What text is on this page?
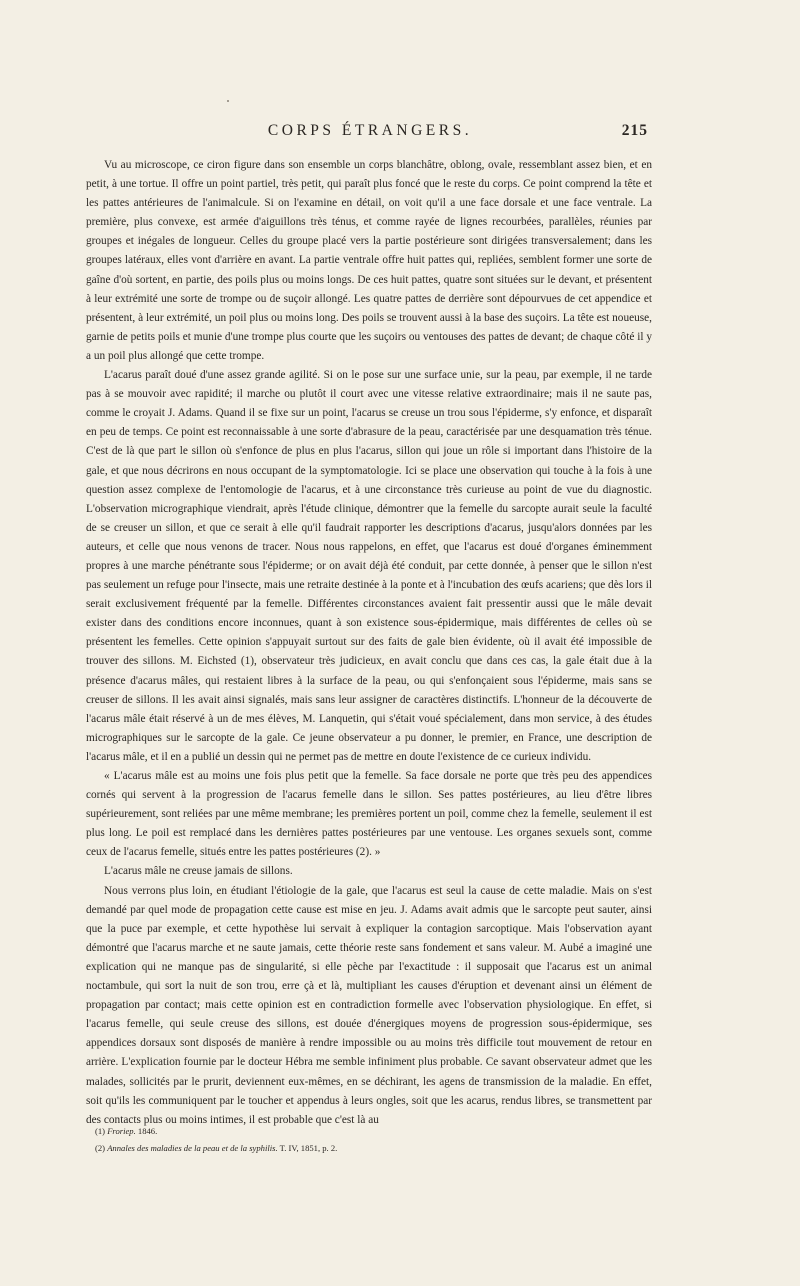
CORPS ÉTRANGERS.	215

Vu au microscope, ce ciron figure dans son ensemble un corps blanchâtre, oblong, ovale, ressemblant assez bien, et en petit, à une tortue. Il offre un point partiel, très petit, qui paraît plus foncé que le reste du corps. Ce point comprend la tête et les pattes antérieures de l'animalcule. Si on l'examine en détail, on voit qu'il a une face dorsale et une face ventrale. La première, plus convexe, est armée d'aiguillons très ténus, et comme rayée de lignes recourbées, parallèles, réunies par groupes et inégales de longueur. Celles du groupe placé vers la partie postérieure sont dirigées transversalement; dans les groupes latéraux, elles vont d'arrière en avant. La partie ventrale offre huit pattes qui, repliées, semblent former une sorte de gaîne d'où sortent, en partie, des poils plus ou moins longs. De ces huit pattes, quatre sont situées sur le devant, et présentent à leur extrémité une sorte de trompe ou de suçoir allongé. Les quatre pattes de derrière sont dépourvues de cet appendice et présentent, à leur extrémité, un poil plus ou moins long. Des poils se trouvent aussi à la base des suçoirs. La tête est noueuse, garnie de petits poils et munie d'une trompe plus courte que les suçoirs ou ventouses des pattes de devant; de chaque côté il y a un poil plus allongé que cette trompe.

L'acarus paraît doué d'une assez grande agilité. Si on le pose sur une surface unie, sur la peau, par exemple, il ne tarde pas à se mouvoir avec rapidité; il marche ou plutôt il court avec une vitesse relative extraordinaire; mais il ne saute pas, comme le croyait J. Adams. Quand il se fixe sur un point, l'acarus se creuse un trou sous l'épiderme, s'y enfonce, et disparaît en peu de temps. Ce point est reconnaissable à une sorte d'abrasure de la peau, caractérisée par une desquamation très ténue. C'est de là que part le sillon où s'enfonce de plus en plus l'acarus, sillon qui joue un rôle si important dans l'histoire de la gale, et que nous décrirons en nous occupant de la symptomatologie. Ici se place une observation qui touche à la fois à une question assez complexe de l'entomologie de l'acarus, et à une circonstance très curieuse au point de vue du diagnostic. L'observation micrographique viendrait, après l'étude clinique, démontrer que la femelle du sarcopte aurait seule la faculté de se creuser un sillon, et que ce serait à elle qu'il faudrait rapporter les descriptions d'acarus, jusqu'alors données par les auteurs, et celle que nous venons de tracer. Nous nous rappelons, en effet, que l'acarus est doué d'organes éminemment propres à une marche pénétrante sous l'épiderme; or on avait déjà été conduit, par cette donnée, à penser que le sillon n'est pas seulement un refuge pour l'insecte, mais une retraite destinée à la ponte et à l'incubation des œufs acariens; que dès lors il serait exclusivement fréquenté par la femelle. Différentes circonstances avaient fait pressentir aussi que le mâle devait exister dans des conditions encore inconnues, quant à son existence sous-épidermique, mais différentes de celles où se présentent les femelles. Cette opinion s'appuyait surtout sur des faits de gale bien évidente, où il avait été impossible de trouver des sillons. M. Eichsted (1), observateur très judicieux, en avait conclu que dans ces cas, la gale était due à la présence d'acarus mâles, qui restaient libres à la surface de la peau, ou qui s'enfonçaient sous l'épiderme, mais sans se creuser de sillons. Il les avait ainsi signalés, mais sans leur assigner de caractères distinctifs. L'honneur de la découverte de l'acarus mâle était réservé à un de mes élèves, M. Lanquetin, qui s'était voué spécialement, dans mon service, à des études micrographiques sur le sarcopte de la gale. Ce jeune observateur a pu donner, le premier, en France, une description de l'acarus mâle, et il en a publié un dessin qui ne permet pas de mettre en doute l'existence de ce curieux individu.

« L'acarus mâle est au moins une fois plus petit que la femelle. Sa face dorsale ne porte que très peu des appendices cornés qui servent à la progression de l'acarus femelle dans le sillon. Ses pattes postérieures, au lieu d'être libres supérieurement, sont reliées par une même membrane; les premières portent un poil, comme chez la femelle, seulement il est plus long. Le poil est remplacé dans les dernières pattes postérieures par une ventouse. Les organes sexuels sont, comme ceux de l'acarus femelle, situés entre les pattes postérieures (2). »

L'acarus mâle ne creuse jamais de sillons.

Nous verrons plus loin, en étudiant l'étiologie de la gale, que l'acarus est seul la cause de cette maladie. Mais on s'est demandé par quel mode de propagation cette cause est mise en jeu. J. Adams avait admis que le sarcopte peut sauter, ainsi que la puce par exemple, et cette hypothèse lui servait à expliquer la contagion sarcoptique. Mais l'observation ayant démontré que l'acarus marche et ne saute jamais, cette théorie reste sans fondement et sans valeur. M. Aubé a imaginé une explication qui ne manque pas de singularité, si elle pèche par l'exactitude : il supposait que l'acarus est un animal noctambule, qui sort la nuit de son trou, erre çà et là, multipliant les causes d'éruption et devenant ainsi un élément de propagation par contact; mais cette opinion est en contradiction formelle avec l'observation physiologique. En effet, si l'acarus femelle, qui seule creuse des sillons, est douée d'énergiques moyens de progression sous-épidermique, ses appendices dorsaux sont disposés de manière à rendre impossible ou au moins très difficile tout mouvement de retour en arrière. L'explication fournie par le docteur Hébra me semble infiniment plus probable. Ce savant observateur admet que les malades, sollicités par le prurit, deviennent eux-mêmes, en se déchirant, les agens de transmission de la maladie. En effet, soit qu'ils les communiquent par le toucher et appendus à leurs ongles, soit que les acarus, rendus libres, se transmettent par des contacts plus ou moins intimes, il est probable que c'est là au

(1) Froriep. 1846.

(2) Annales des maladies de la peau et de la syphilis. T. IV, 1851, p. 2.
